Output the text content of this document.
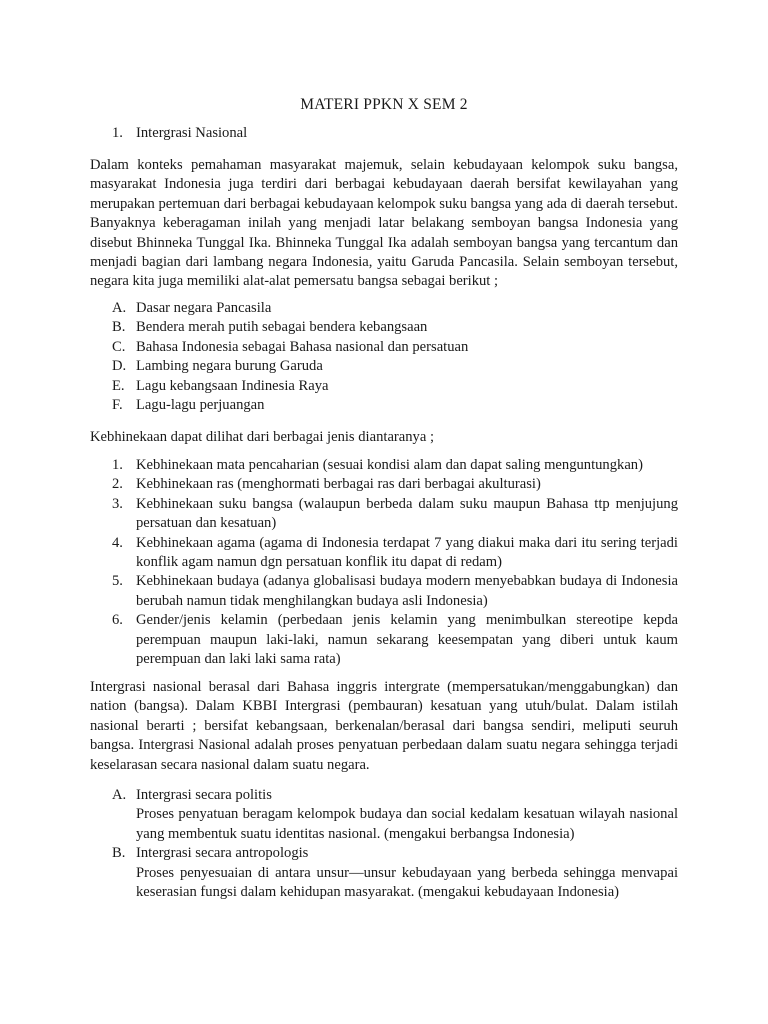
MATERI PPKN X SEM 2
1. Intergrasi Nasional

Dalam konteks pemahaman masyarakat majemuk, selain kebudayaan kelompok suku bangsa, masyarakat Indonesia juga terdiri dari berbagai kebudayaan daerah bersifat kewilayahan yang merupakan pertemuan dari berbagai kebudayaan kelompok suku bangsa yang ada di daerah tersebut. Banyaknya keberagaman inilah yang menjadi latar belakang semboyan bangsa Indonesia yang disebut Bhinneka Tunggal Ika. Bhinneka Tunggal Ika adalah semboyan bangsa yang tercantum dan menjadi bagian dari lambang negara Indonesia, yaitu Garuda Pancasila. Selain semboyan tersebut, negara kita juga memiliki alat-alat pemersatu bangsa sebagai berikut ;

A. Dasar negara Pancasila
B. Bendera merah putih sebagai bendera kebangsaan
C. Bahasa Indonesia sebagai Bahasa nasional dan persatuan
D. Lambing negara burung Garuda
E. Lagu kebangsaan Indinesia Raya
F. Lagu-lagu perjuangan

Kebhinekaan dapat dilihat dari berbagai jenis diantaranya ;

1. Kebhinekaan mata pencaharian (sesuai kondisi alam dan dapat saling menguntungkan)
2. Kebhinekaan ras (menghormati berbagai ras dari berbagai akulturasi)
3. Kebhinekaan suku bangsa (walaupun berbeda dalam suku maupun Bahasa ttp menjujung persatuan dan kesatuan)
4. Kebhinekaan agama (agama di Indonesia terdapat 7 yang diakui maka dari itu sering terjadi konflik agam namun dgn persatuan konflik itu dapat di redam)
5. Kebhinekaan budaya (adanya globalisasi budaya modern menyebabkan budaya di Indonesia berubah namun tidak menghilangkan budaya asli Indonesia)
6. Gender/jenis kelamin (perbedaan jenis kelamin yang menimbulkan stereotipe kepda perempuan maupun laki-laki, namun sekarang keesempatan yang diberi untuk kaum perempuan dan laki laki sama rata)

Intergrasi nasional berasal dari Bahasa inggris intergrate (mempersatukan/menggabungkan) dan nation (bangsa). Dalam KBBI Intergrasi (pembauran) kesatuan yang utuh/bulat. Dalam istilah nasional berarti ; bersifat kebangsaan, berkenalan/berasal dari bangsa sendiri, meliputi seuruh bangsa. Intergrasi Nasional adalah proses penyatuan perbedaan dalam suatu negara sehingga terjadi keselarasan secara nasional dalam suatu negara.

A. Intergrasi secara politis
Proses penyatuan beragam kelompok budaya dan social kedalam kesatuan wilayah nasional yang membentuk suatu identitas nasional. (mengakui berbangsa Indonesia)
B. Intergrasi secara antropologis
Proses penyesuaian di antara unsur—unsur kebudayaan yang berbeda sehingga menvapai keserasian fungsi dalam kehidupan masyarakat. (mengakui kebudayaan Indonesia)
